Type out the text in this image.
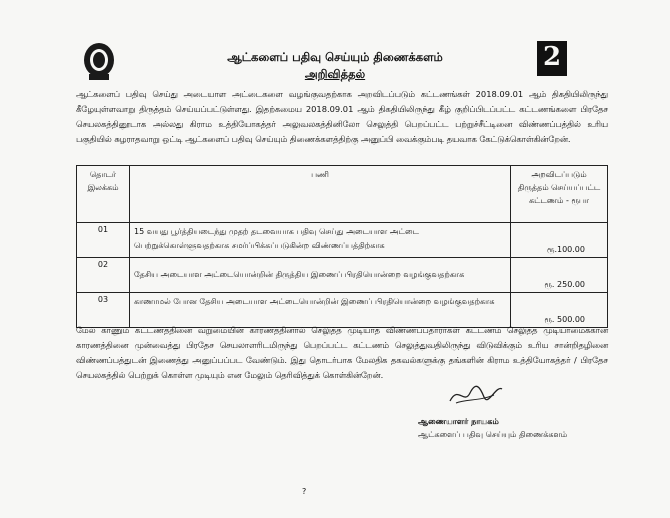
2
ஆட்களைப் பதிவு செய்யும் திணைக்களம்
அறிவித்தல்
ஆட்களைப் பதிவு செய்து அடையாள அட்டைகளை வழங்குவதற்காக அறவிடப்படும் கட்டணங்கள் 2018.09.01 ஆம் திகதியிலிருந்து கீழேயுள்ளவாறு திருத்தம் செய்யப்பட்டுள்ளது. இதற்கமைய 2018.09.01 ஆம் திகதியிலிருந்து கீழ் குறிப்பிடப்பட்ட கட்டணங்களை பிரதேச செயலகத்தினூடாக அல்லது கிராம உத்தியோகத்தர் அலுவலகத்தினிலோ செலுத்தி பெறப்பட்ட பற்றுச்சீட்டினை விண்ணப்பத்தில் உரிய பகுதியில் சுழராதவாறு ஒட்டி ஆட்களைப் பதிவு செய்யும் திணைக்களத்திற்கு அனுப்பி வைக்கும்படி தயவாக கேட்டுக்கொள்கின்றேன்.
தொடர் இலக்கம்	பணி	அறவிடப்படும் திருத்தம் செய்யப்பட்ட கட்டணம் - ரூபா
01	15 வயது பூர்த்தியடைந்து முதற் தடவையாக பதிவு செய்து அடையாள அட்டை பெற்றுக்கொள்ளுவதற்காக சமர்ப்பிக்கப்படுகின்ற விண்ணப்பத்திற்காக	ரூ.100.00
02	தேசிய அடையாள அட்டையொன்றின் திருத்திய இணைப் பிரதியொன்றை வழங்குவதற்காக	ரூ. 250.00
03	காணாமல் போன தேசிய அடையாள அட்டையொன்றின் இணைப் பிரதியொன்றை வழங்குவதற்காக	ரூ. 500.00
மேல் காணும் கட்டணத்தினை வறுமையின் காரணத்தினால் செலுத்த முடியாத விண்ணப்பதாரர்கள் கட்டணம் செலுத்த முடியாமைக்கான காரணத்தினை முன்வைத்து பிரதேச செயலாளரிடமிருந்து பெறப்பட்ட கட்டணம் செலுத்துவதிலிருந்து விடுவிக்கும் உரிய சான்றிதழினை விண்ணப்பத்துடன் இணைத்து அனுப்பப்பட வேண்டும். இது தொடர்பாக மேலதிக தகவல்களுக்கு தங்களின் கிராம உத்தியோகத்தர் / பிரதேச செயலகத்தில் பெற்றுக் கொள்ள முடியும் என மேலும் தெரிவித்துக் கொள்கின்றேன்.
ஆணையாளர் நாயகம்
ஆட்களைப் பதிவு செய்யும் திணைக்களம்
?
